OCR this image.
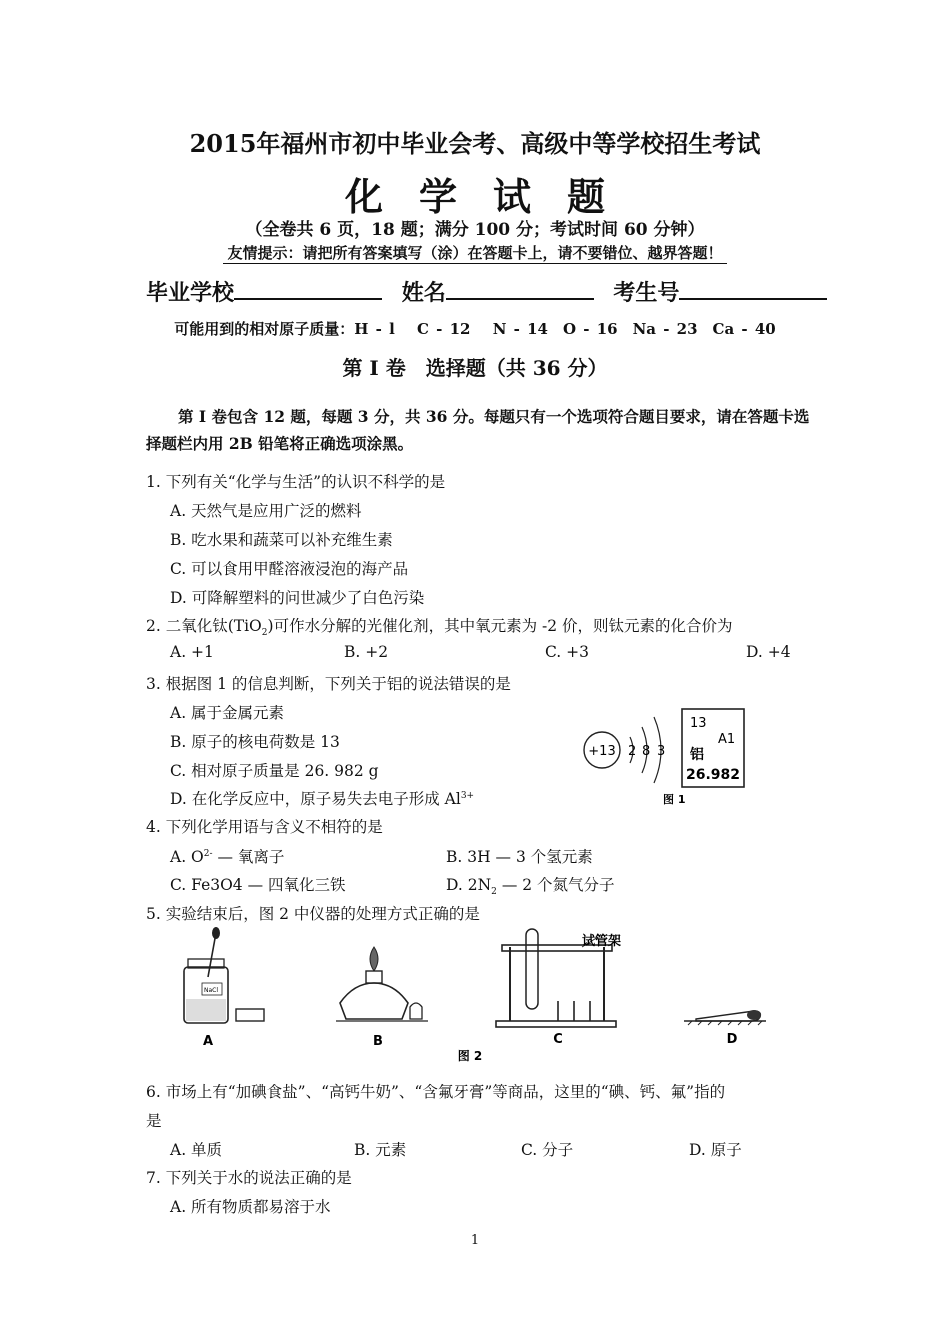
2015年福州市初中毕业会考、高级中等学校招生考试
化学试题
（全卷共 6 页，18 题；满分 100 分；考试时间 60 分钟）
友情提示：请把所有答案填写（涂）在答题卡上，请不要错位、越界答题！
毕业学校	姓名	考生号
可能用到的相对原子质量：H - l　 C - 12　 N - 14　O - 16　Na - 23　Ca - 40
第 I 卷　选择题（共 36 分）
第 I 卷包含 12 题，每题 3 分，共 36 分。每题只有一个选项符合题目要求，请在答题卡选择题栏内用 2B 铅笔将正确选项涂黑。
1. 下列有关“化学与生活”的认识不科学的是
A. 天然气是应用广泛的燃料
B. 吃水果和蔬菜可以补充维生素
C. 可以食用甲醛溶液浸泡的海产品
D. 可降解塑料的问世减少了白色污染
2. 二氧化钛(TiO$_2$)可作水分解的光催化剂，其中氧元素为 -2 价，则钛元素的化合价为
A. +1	B. +2	C. +3	D. +4
3. 根据图 1 的信息判断，下列关于铝的说法错误的是
A. 属于金属元素
B. 原子的核电荷数是 13
C. 相对原子质量是 26. 982 g
D. 在化学反应中，原子易失去电子形成 $Al^{3+}$
+13 2 8 3
13
A1
铝
26.982
图 1
4. 下列化学用语与含义不相符的是
A. $O^{2-}$ — 氧离子	B. 3H — 3 个氢元素
C. Fe3O4 — 四氧化三铁	D. $2N_2$ — 2 个氮气分子
5. 实验结束后，图 2 中仪器的处理方式正确的是
NaCl
A	B
试管架
C	D
图 2
6. 市场上有“加碘食盐”、“高钙牛奶”、“含氟牙膏”等商品，这里的“碘、钙、氟”指的
是
A. 单质	B. 元素	C. 分子	D. 原子
7. 下列关于水的说法正确的是
A. 所有物质都易溶于水
1
